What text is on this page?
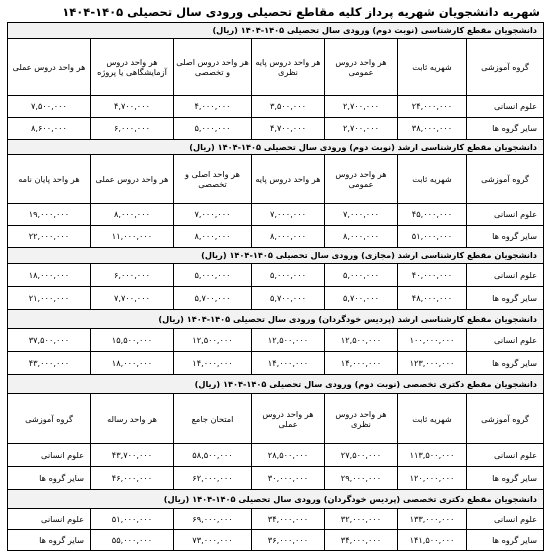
شهریه دانشجویان شهریه پرداز کلیه مقاطع تحصیلی ورودی سال تحصیلی ۱۴۰۵-۱۴۰۴
دانشجویان مقطع کارشناسی (نوبت دوم) ورودی سال تحصیلی ۱۴۰۵-۱۴۰۴ (ریال)						
گروه آموزشی	شهریه ثابت	هر واحد دروس عمومی	هر واحد دروس پایه نظری	هر واحد دروس اصلی و تخصصی	هر واحد دروس آزمایشگاهی یا پروژه	هر واحد دروس عملی
علوم انسانی	۲۴,۰۰۰,۰۰۰	۲,۷۰۰,۰۰۰	۳,۵۰۰,۰۰۰	۴,۰۰۰,۰۰۰	۴,۷۰۰,۰۰۰	۷,۵۰۰,۰۰۰
سایر گروه ها	۳۸,۰۰۰,۰۰۰	۲,۷۰۰,۰۰۰	۴,۷۰۰,۰۰۰	۵,۰۰۰,۰۰۰	۶,۰۰۰,۰۰۰	۸,۶۰۰,۰۰۰
دانشجویان مقطع کارشناسی ارشد (نوبت دوم) ورودی سال تحصیلی ۱۴۰۵-۱۴۰۴ (ریال)						
گروه آموزشی	شهریه ثابت	هر واحد دروس عمومی	هر واحد دروس پایه	هر واحد اصلی و تخصصی	هر واحد دروس عملی	هر واحد پایان نامه
علوم انسانی	۴۵,۰۰۰,۰۰۰	۷,۰۰۰,۰۰۰	۷,۰۰۰,۰۰۰	۷,۰۰۰,۰۰۰	۸,۰۰۰,۰۰۰	۱۹,۰۰۰,۰۰۰
سایر گروه ها	۵۱,۰۰۰,۰۰۰	۸,۰۰۰,۰۰۰	۸,۰۰۰,۰۰۰	۸,۰۰۰,۰۰۰	۱۱,۰۰۰,۰۰۰	۲۲,۰۰۰,۰۰۰
دانشجویان مقطع کارشناسی ارشد (مجازی) ورودی سال تحصیلی ۱۴۰۵-۱۴۰۴ (ریال)						
علوم انسانی	۴۰,۰۰۰,۰۰۰	۵,۰۰۰,۰۰۰	۵,۰۰۰,۰۰۰	۵,۰۰۰,۰۰۰	۶,۰۰۰,۰۰۰	۱۸,۰۰۰,۰۰۰
سایر گروه ها	۴۸,۰۰۰,۰۰۰	۵,۷۰۰,۰۰۰	۵,۷۰۰,۰۰۰	۵,۷۰۰,۰۰۰	۷,۷۰۰,۰۰۰	۲۱,۰۰۰,۰۰۰
دانشجویان مقطع کارشناسی ارشد (پردیس خودگردان) ورودی سال تحصیلی ۱۴۰۵-۱۴۰۴ (ریال)						
علوم انسانی	۱۰۰,۰۰۰,۰۰۰	۱۲,۵۰۰,۰۰۰	۱۲,۵۰۰,۰۰۰	۱۲,۵۰۰,۰۰۰	۱۵,۵۰۰,۰۰۰	۳۷,۵۰۰,۰۰۰
سایر گروه ها	۱۲۳,۰۰۰,۰۰۰	۱۴,۰۰۰,۰۰۰	۱۴,۰۰۰,۰۰۰	۱۴,۰۰۰,۰۰۰	۱۸,۰۰۰,۰۰۰	۴۳,۰۰۰,۰۰۰
دانشجویان مقطع دکتری تخصصی (نوبت دوم) ورودی سال تحصیلی ۱۴۰۵-۱۴۰۴ (ریال)						
گروه آموزشی	شهریه ثابت	هر واحد دروس نظری	هر واحد دروس عملی	امتحان جامع	هر واحد رساله	گروه آموزشی
علوم انسانی	۱۱۳,۵۰۰,۰۰۰	۲۷,۵۰۰,۰۰۰	۲۸,۵۰۰,۰۰۰	۵۸,۵۰۰,۰۰۰	۴۳,۷۰۰,۰۰۰	علوم انسانی
سایر گروه ها	۱۲۰,۰۰۰,۰۰۰	۲۹,۰۰۰,۰۰۰	۳۰,۰۰۰,۰۰۰	۶۲,۰۰۰,۰۰۰	۴۶,۰۰۰,۰۰۰	سایر گروه ها
دانشجویان مقطع دکتری تخصصی (پردیس خودگردان) ورودی سال تحصیلی ۱۴۰۵-۱۴۰۴ (ریال)						
علوم انسانی	۱۳۳,۰۰۰,۰۰۰	۳۲,۰۰۰,۰۰۰	۳۴,۰۰۰,۰۰۰	۶۹,۰۰۰,۰۰۰	۵۱,۰۰۰,۰۰۰	علوم انسانی
سایر گروه ها	۱۴۱,۵۰۰,۰۰۰	۳۴,۰۰۰,۰۰۰	۳۶,۰۰۰,۰۰۰	۷۳,۰۰۰,۰۰۰	۵۵,۰۰۰,۰۰۰	سایر گروه ها
